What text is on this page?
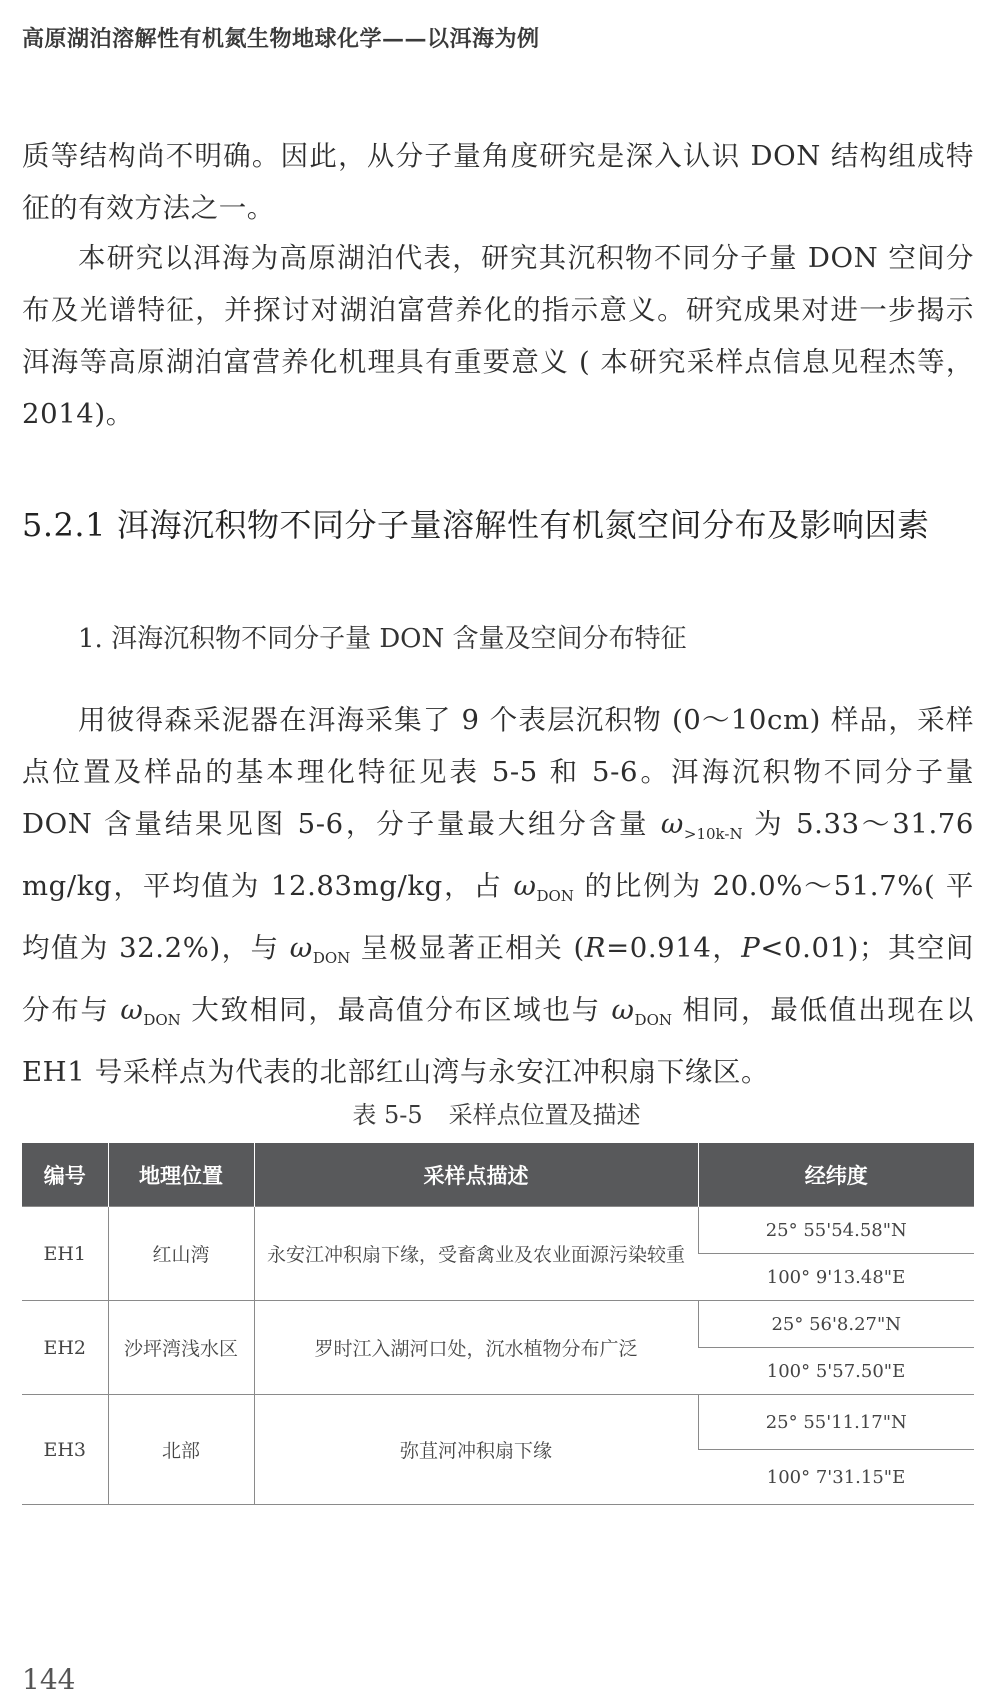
高原湖泊溶解性有机氮生物地球化学——以洱海为例

质等结构尚不明确。因此，从分子量角度研究是深入认识 DON 结构组成特征的有效方法之一。

本研究以洱海为高原湖泊代表，研究其沉积物不同分子量 DON 空间分布及光谱特征，并探讨对湖泊富营养化的指示意义。研究成果对进一步揭示洱海等高原湖泊富营养化机理具有重要意义 ( 本研究采样点信息见程杰等，2014)。

5.2.1 洱海沉积物不同分子量溶解性有机氮空间分布及影响因素
1. 洱海沉积物不同分子量 DON 含量及空间分布特征

用彼得森采泥器在洱海采集了 9 个表层沉积物 (0～10cm) 样品，采样点位置及样品的基本理化特征见表 5-5 和 5-6。洱海沉积物不同分子量 DON 含量结果见图 5-6，分子量最大组分含量 $\omega_{>10k-N}$ 为 5.33～31.76 mg/kg，平均值为 12.83mg/kg，占 $\omega_{DON}$ 的比例为 20.0%～51.7%( 平均值为 32.2%)，与 $\omega_{DON}$ 呈极显著正相关 (R=0.914，P<0.01)；其空间分布与 $\omega_{DON}$ 大致相同，最高值分布区域也与 $\omega_{DON}$ 相同，最低值出现在以 EH1 号采样点为代表的北部红山湾与永安江冲积扇下缘区。

表 5-5 采样点位置及描述
编号	地理位置	采样点描述	经纬度
EH1	红山湾	永安江冲积扇下缘，受畜禽业及农业面源污染较重	25° 55'54.58"N
			100° 9'13.48"E
EH2	沙坪湾浅水区	罗时江入湖河口处，沉水植物分布广泛	25° 56'8.27"N
			100° 5'57.50"E
EH3	北部	弥苴河冲积扇下缘	25° 55'11.17"N
			100° 7'31.15"E
144
